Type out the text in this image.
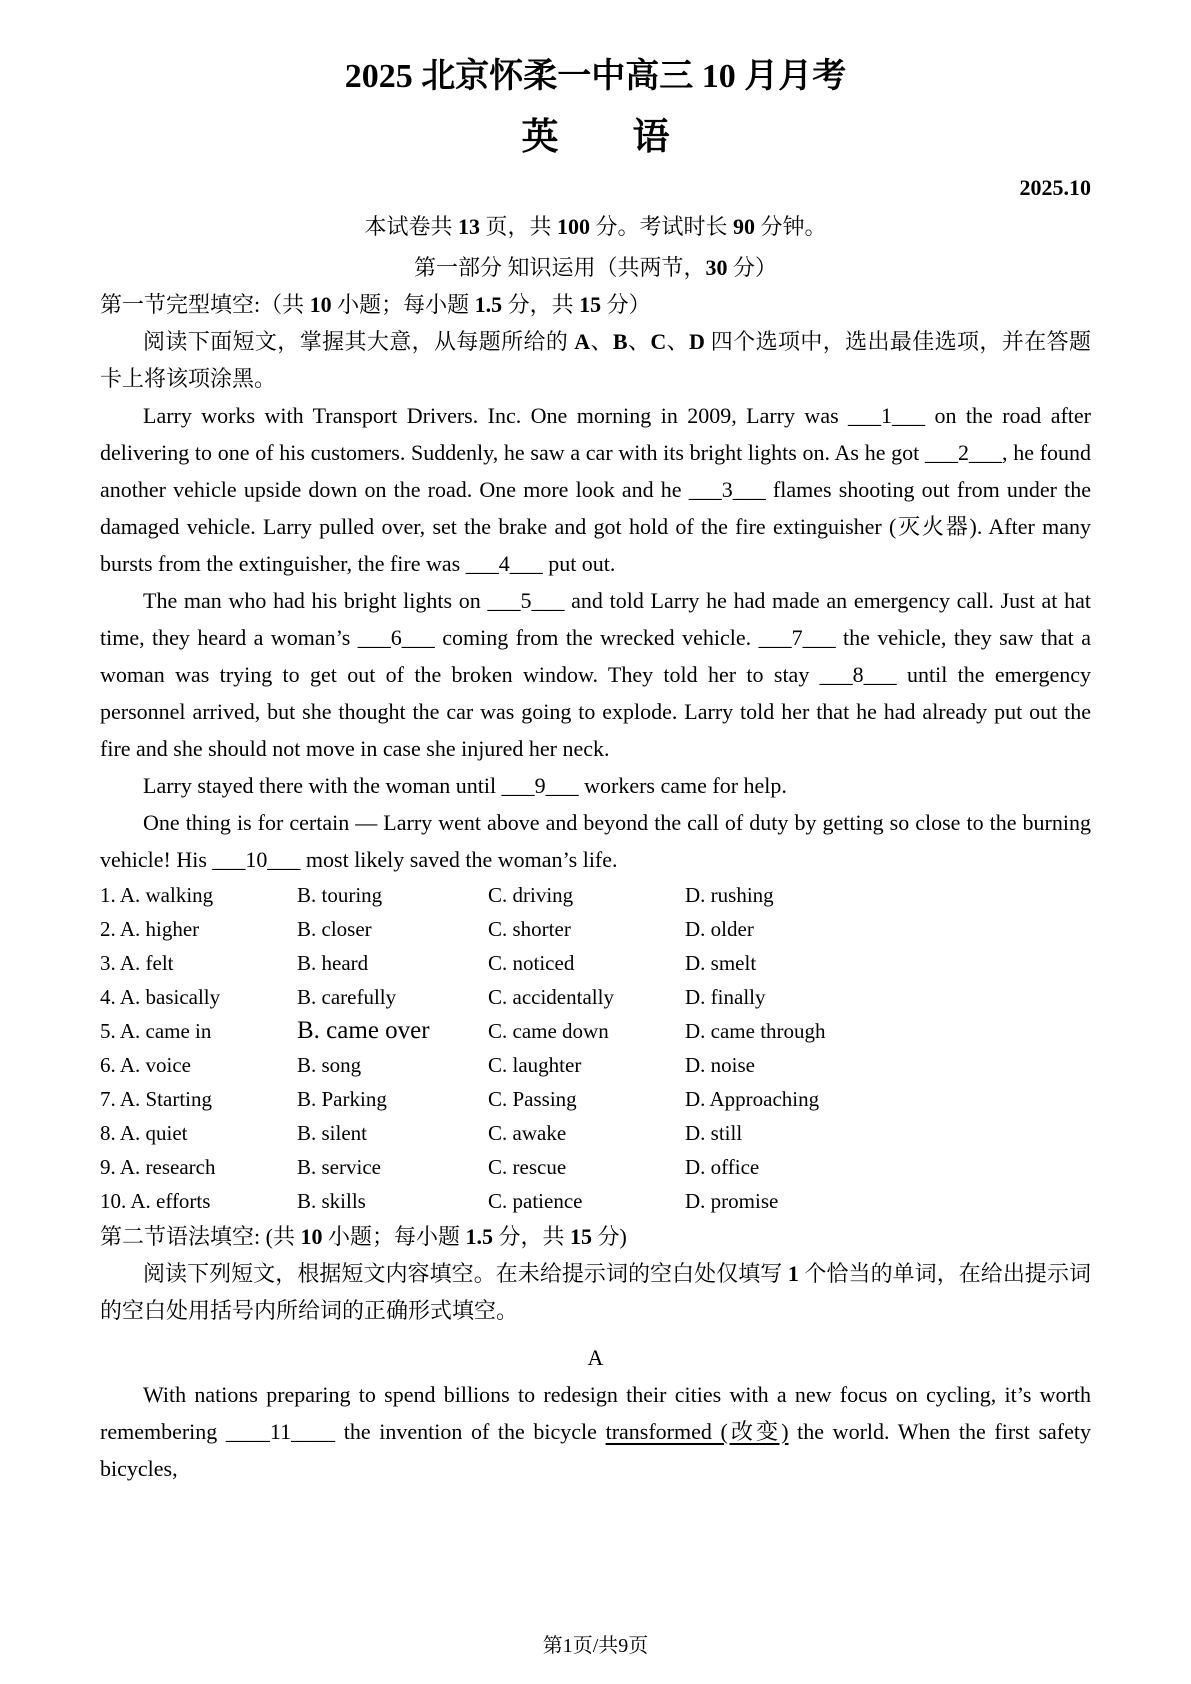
2025 北京怀柔一中高三 10 月月考
英　　语
2025.10
本试卷共 13 页，共 100 分。考试时长 90 分钟。
第一部分 知识运用（共两节，30 分）
第一节完型填空:（共 10 小题；每小题 1.5 分，共 15 分）

阅读下面短文，掌握其大意，从每题所给的 A、B、C、D 四个选项中，选出最佳选项，并在答题卡上将该项涂黑。

Larry works with Transport Drivers. Inc. One morning in 2009, Larry was ___1___ on the road after delivering to one of his customers. Suddenly, he saw a car with its bright lights on. As he got ___2___, he found another vehicle upside down on the road. One more look and he ___3___ flames shooting out from under the damaged vehicle. Larry pulled over, set the brake and got hold of the fire extinguisher (灭火器). After many bursts from the extinguisher, the fire was ___4___ put out.

The man who had his bright lights on ___5___ and told Larry he had made an emergency call. Just at hat time, they heard a woman’s ___6___ coming from the wrecked vehicle. ___7___ the vehicle, they saw that a woman was trying to get out of the broken window. They told her to stay ___8___ until the emergency personnel arrived, but she thought the car was going to explode. Larry told her that he had already put out the fire and she should not move in case she injured her neck.

Larry stayed there with the woman until ___9___ workers came for help.

One thing is for certain — Larry went above and beyond the call of duty by getting so close to the burning vehicle! His ___10___ most likely saved the woman’s life.

1. A. walking	B. touring	C. driving	D. rushing
2. A. higher	B. closer	C. shorter	D. older
3. A. felt	B. heard	C. noticed	D. smelt
4. A. basically	B. carefully	C. accidentally	D. finally
5. A. came in	B. came over	C. came down	D. came through
6. A. voice	B. song	C. laughter	D. noise
7. A. Starting	B. Parking	C. Passing	D. Approaching
8. A. quiet	B. silent	C. awake	D. still
9. A. research	B. service	C. rescue	D. office
10. A. efforts	B. skills	C. patience	D. promise
第二节语法填空: (共 10 小题；每小题 1.5 分，共 15 分)

阅读下列短文，根据短文内容填空。在未给提示词的空白处仅填写 1 个恰当的单词，在给出提示词的空白处用括号内所给词的正确形式填空。

A

With nations preparing to spend billions to redesign their cities with a new focus on cycling, it’s worth remembering ____11____ the invention of the bicycle transformed (改变) the world. When the first safety bicycles,

第1页/共9页
